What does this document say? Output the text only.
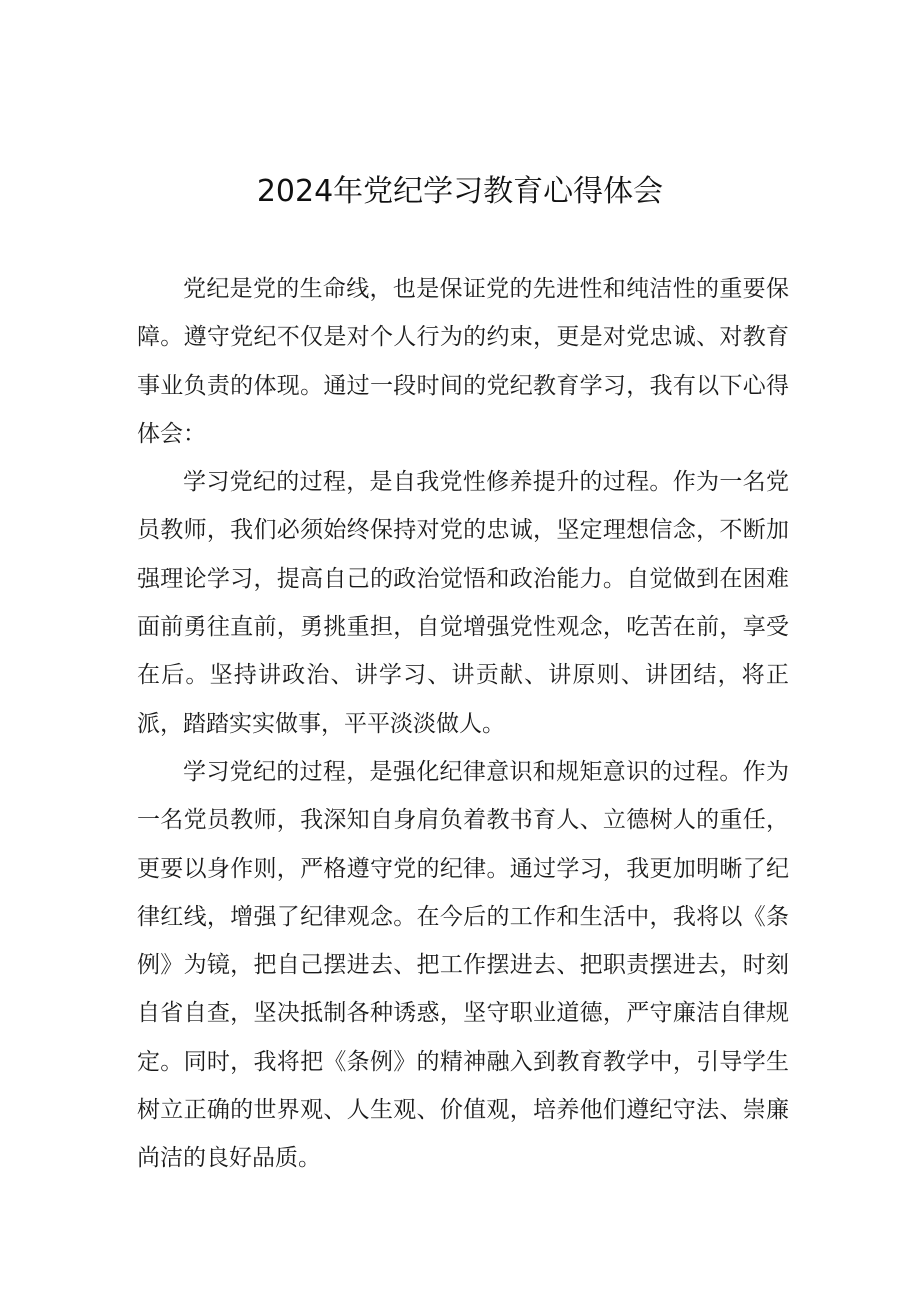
2024年党纪学习教育心得体会

党纪是党的生命线，也是保证党的先进性和纯洁性的重要保障。遵守党纪不仅是对个人行为的约束，更是对党忠诚、对教育事业负责的体现。通过一段时间的党纪教育学习，我有以下心得体会：

学习党纪的过程，是自我党性修养提升的过程。作为一名党员教师，我们必须始终保持对党的忠诚，坚定理想信念，不断加强理论学习，提高自己的政治觉悟和政治能力。自觉做到在困难面前勇往直前，勇挑重担，自觉增强党性观念，吃苦在前，享受在后。坚持讲政治、讲学习、讲贡献、讲原则、讲团结，将正派，踏踏实实做事，平平淡淡做人。

学习党纪的过程，是强化纪律意识和规矩意识的过程。作为一名党员教师，我深知自身肩负着教书育人、立德树人的重任，更要以身作则，严格遵守党的纪律。通过学习，我更加明晰了纪律红线，增强了纪律观念。在今后的工作和生活中，我将以《条例》为镜，把自己摆进去、把工作摆进去、把职责摆进去，时刻自省自查，坚决抵制各种诱惑，坚守职业道德，严守廉洁自律规定。同时，我将把《条例》的精神融入到教育教学中，引导学生树立正确的世界观、人生观、价值观，培养他们遵纪守法、崇廉尚洁的良好品质。
